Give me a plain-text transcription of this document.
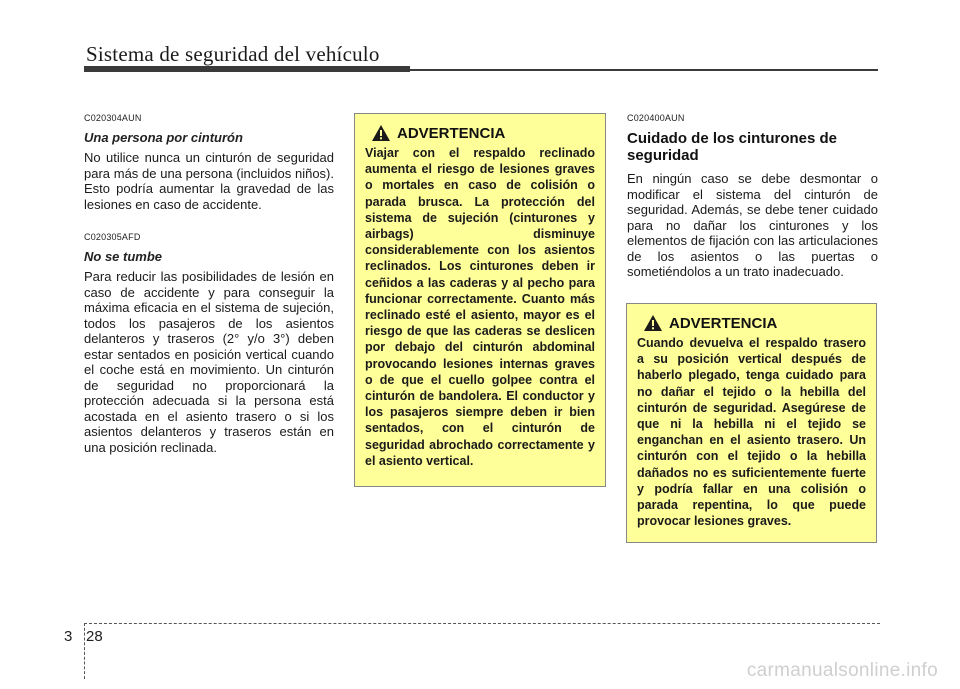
Sistema de seguridad del vehículo
C020304AUN
Una persona por cinturón

No utilice nunca un cinturón de seguridad para más de una persona (incluidos niños). Esto podría aumentar la gravedad de las lesiones en caso de accidente.

C020305AFD
No se tumbe

Para reducir las posibilidades de lesión en caso de accidente y para conseguir la máxima eficacia en el sistema de sujeción, todos los pasajeros de los asientos delanteros y traseros (2° y/o 3°) deben estar sentados en posición vertical cuando el coche está en movimiento. Un cinturón de seguridad no proporcionará la protección adecuada si la persona está acostada en el asiento trasero o si los asientos delanteros y traseros están en una posición reclinada.

ADVERTENCIA

Viajar con el respaldo reclinado aumenta el riesgo de lesiones graves o mortales en caso de colisión o parada brusca. La protección del sistema de sujeción (cinturones y airbags) disminuye considerablemente con los asientos reclinados. Los cinturones deben ir ceñidos a las caderas y al pecho para funcionar correctamente. Cuanto más reclinado esté el asiento, mayor es el riesgo de que las caderas se deslicen por debajo del cinturón abdominal provocando lesiones internas graves o de que el cuello golpee contra el cinturón de bandolera. El conductor y los pasajeros siempre deben ir bien sentados, con el cinturón de seguridad abrochado correctamente y el asiento vertical.

C020400AUN
Cuidado de los cinturones de seguridad

En ningún caso se debe desmontar o modificar el sistema del cinturón de seguridad. Además, se debe tener cuidado para no dañar los cinturones y los elementos de fijación con las articulaciones de los asientos o las puertas o sometiéndolos a un trato inadecuado.

ADVERTENCIA

Cuando devuelva el respaldo trasero a su posición vertical después de haberlo plegado, tenga cuidado para no dañar el tejido o la hebilla del cinturón de seguridad. Asegúrese de que ni la hebilla ni el tejido se enganchan en el asiento trasero. Un cinturón con el tejido o la hebilla dañados no es suficientemente fuerte y podría fallar en una colisión o parada repentina, lo que puede provocar lesiones graves.

3 28
carmanualsonline.info
